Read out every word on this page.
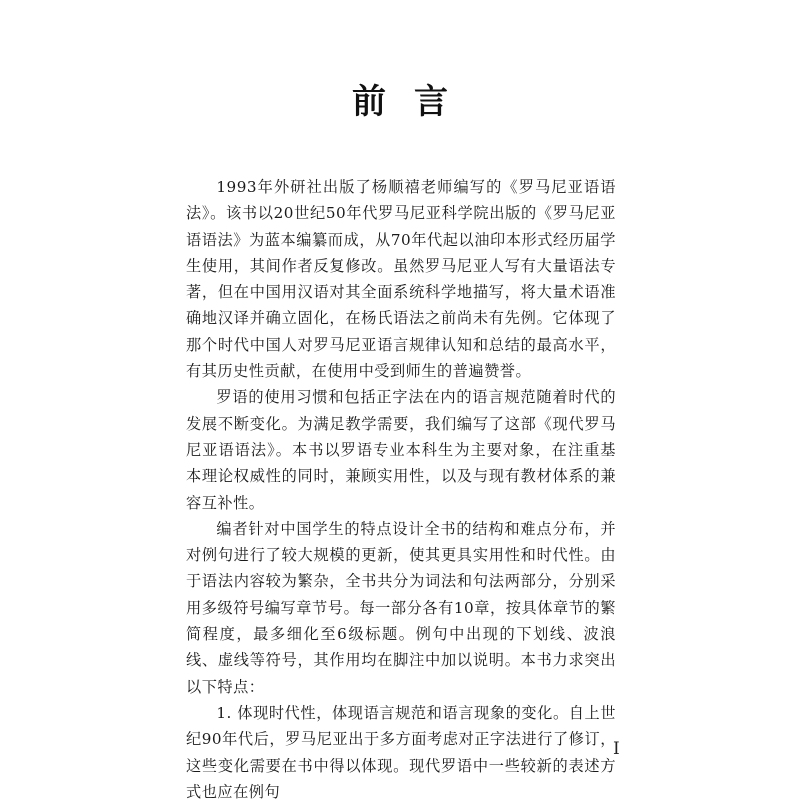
前言

1993年外研社出版了杨顺禧老师编写的《罗马尼亚语语法》。该书以20世纪50年代罗马尼亚科学院出版的《罗马尼亚语语法》为蓝本编纂而成，从70年代起以油印本形式经历届学生使用，其间作者反复修改。虽然罗马尼亚人写有大量语法专著，但在中国用汉语对其全面系统科学地描写，将大量术语准确地汉译并确立固化，在杨氏语法之前尚未有先例。它体现了那个时代中国人对罗马尼亚语言规律认知和总结的最高水平，有其历史性贡献，在使用中受到师生的普遍赞誉。

罗语的使用习惯和包括正字法在内的语言规范随着时代的发展不断变化。为满足教学需要，我们编写了这部《现代罗马尼亚语语法》。本书以罗语专业本科生为主要对象，在注重基本理论权威性的同时，兼顾实用性，以及与现有教材体系的兼容互补性。

编者针对中国学生的特点设计全书的结构和难点分布，并对例句进行了较大规模的更新，使其更具实用性和时代性。由于语法内容较为繁杂，全书共分为词法和句法两部分，分别采用多级符号编写章节号。每一部分各有10章，按具体章节的繁简程度，最多细化至6级标题。例句中出现的下划线、波浪线、虚线等符号，其作用均在脚注中加以说明。本书力求突出以下特点：

1. 体现时代性，体现语言规范和语言现象的变化。自上世纪90年代后，罗马尼亚出于多方面考虑对正字法进行了修订，这些变化需要在书中得以体现。现代罗语中一些较新的表述方式也应在例句

I
